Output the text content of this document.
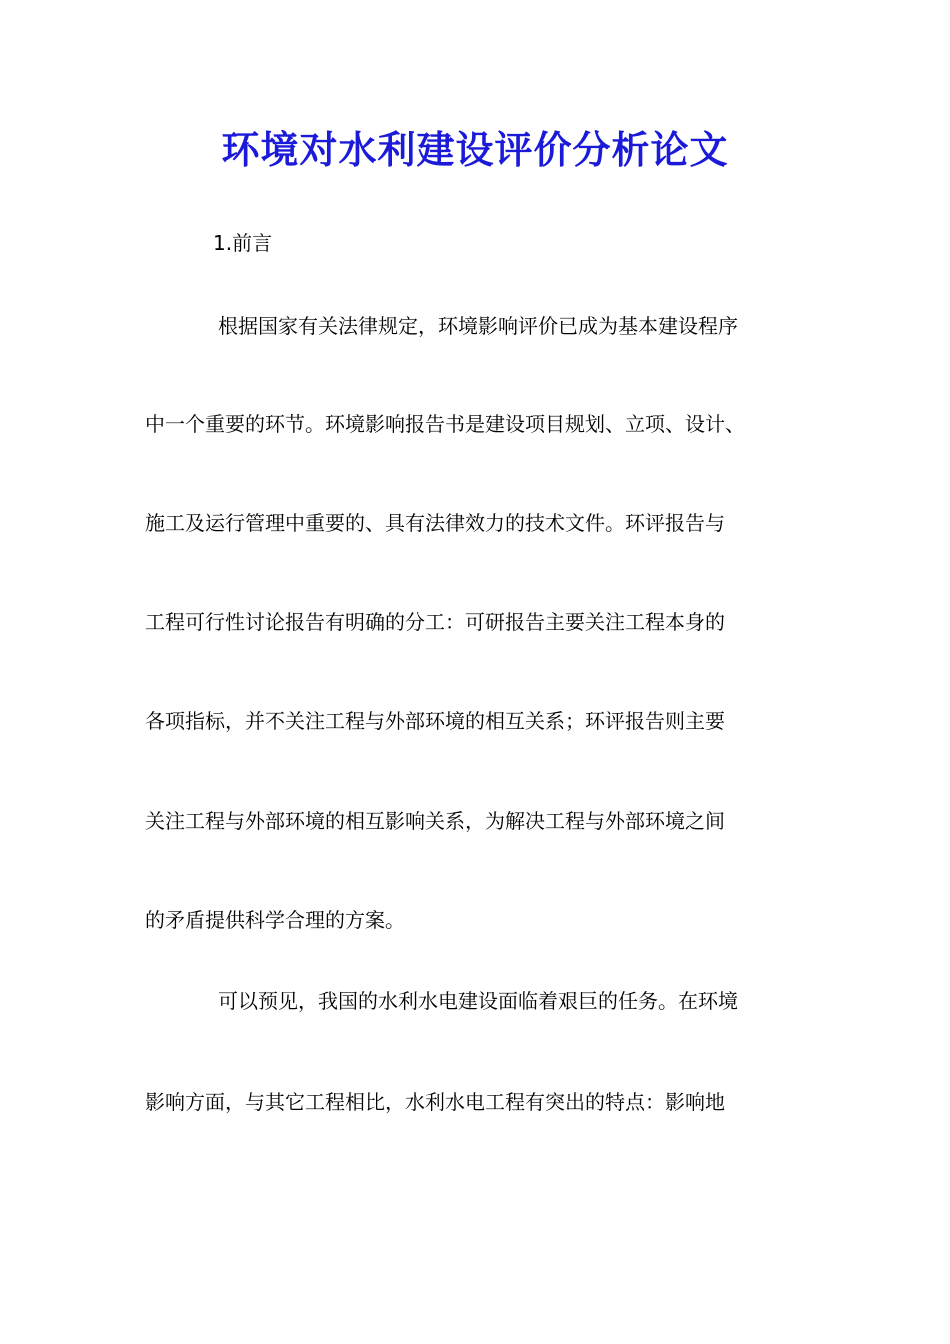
环境对水利建设评价分析论文

1.前言

根据国家有关法律规定，环境影响评价已成为基本建设程序

中一个重要的环节。环境影响报告书是建设项目规划、立项、设计、

施工及运行管理中重要的、具有法律效力的技术文件。环评报告与

工程可行性讨论报告有明确的分工：可研报告主要关注工程本身的

各项指标，并不关注工程与外部环境的相互关系；环评报告则主要

关注工程与外部环境的相互影响关系，为解决工程与外部环境之间

的矛盾提供科学合理的方案。

可以预见，我国的水利水电建设面临着艰巨的任务。在环境

影响方面，与其它工程相比，水利水电工程有突出的特点：影响地
